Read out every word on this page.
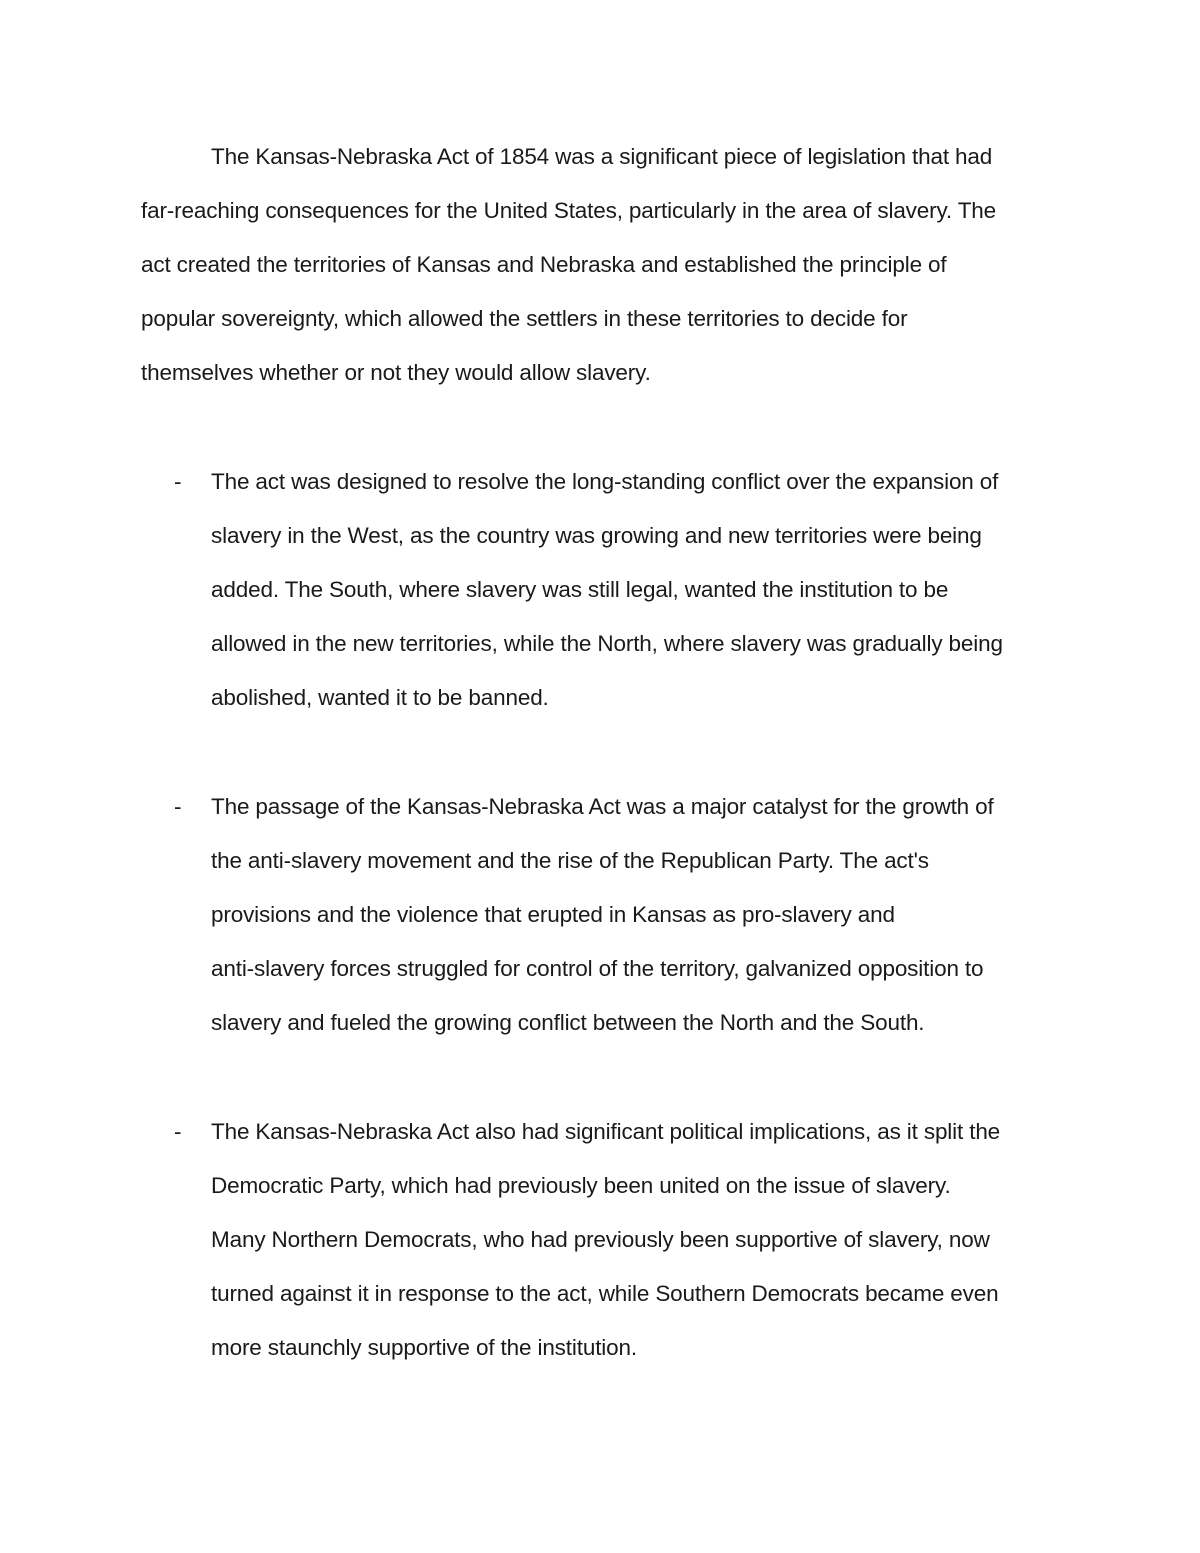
The Kansas-Nebraska Act of 1854 was a significant piece of legislation that had
far-reaching consequences for the United States, particularly in the area of slavery. The
act created the territories of Kansas and Nebraska and established the principle of
popular sovereignty, which allowed the settlers in these territories to decide for
themselves whether or not they would allow slavery.
- The act was designed to resolve the long-standing conflict over the expansion of
slavery in the West, as the country was growing and new territories were being
added. The South, where slavery was still legal, wanted the institution to be
allowed in the new territories, while the North, where slavery was gradually being
abolished, wanted it to be banned.
- The passage of the Kansas-Nebraska Act was a major catalyst for the growth of
the anti-slavery movement and the rise of the Republican Party. The act's
provisions and the violence that erupted in Kansas as pro-slavery and
anti-slavery forces struggled for control of the territory, galvanized opposition to
slavery and fueled the growing conflict between the North and the South.
- The Kansas-Nebraska Act also had significant political implications, as it split the
Democratic Party, which had previously been united on the issue of slavery.
Many Northern Democrats, who had previously been supportive of slavery, now
turned against it in response to the act, while Southern Democrats became even
more staunchly supportive of the institution.
